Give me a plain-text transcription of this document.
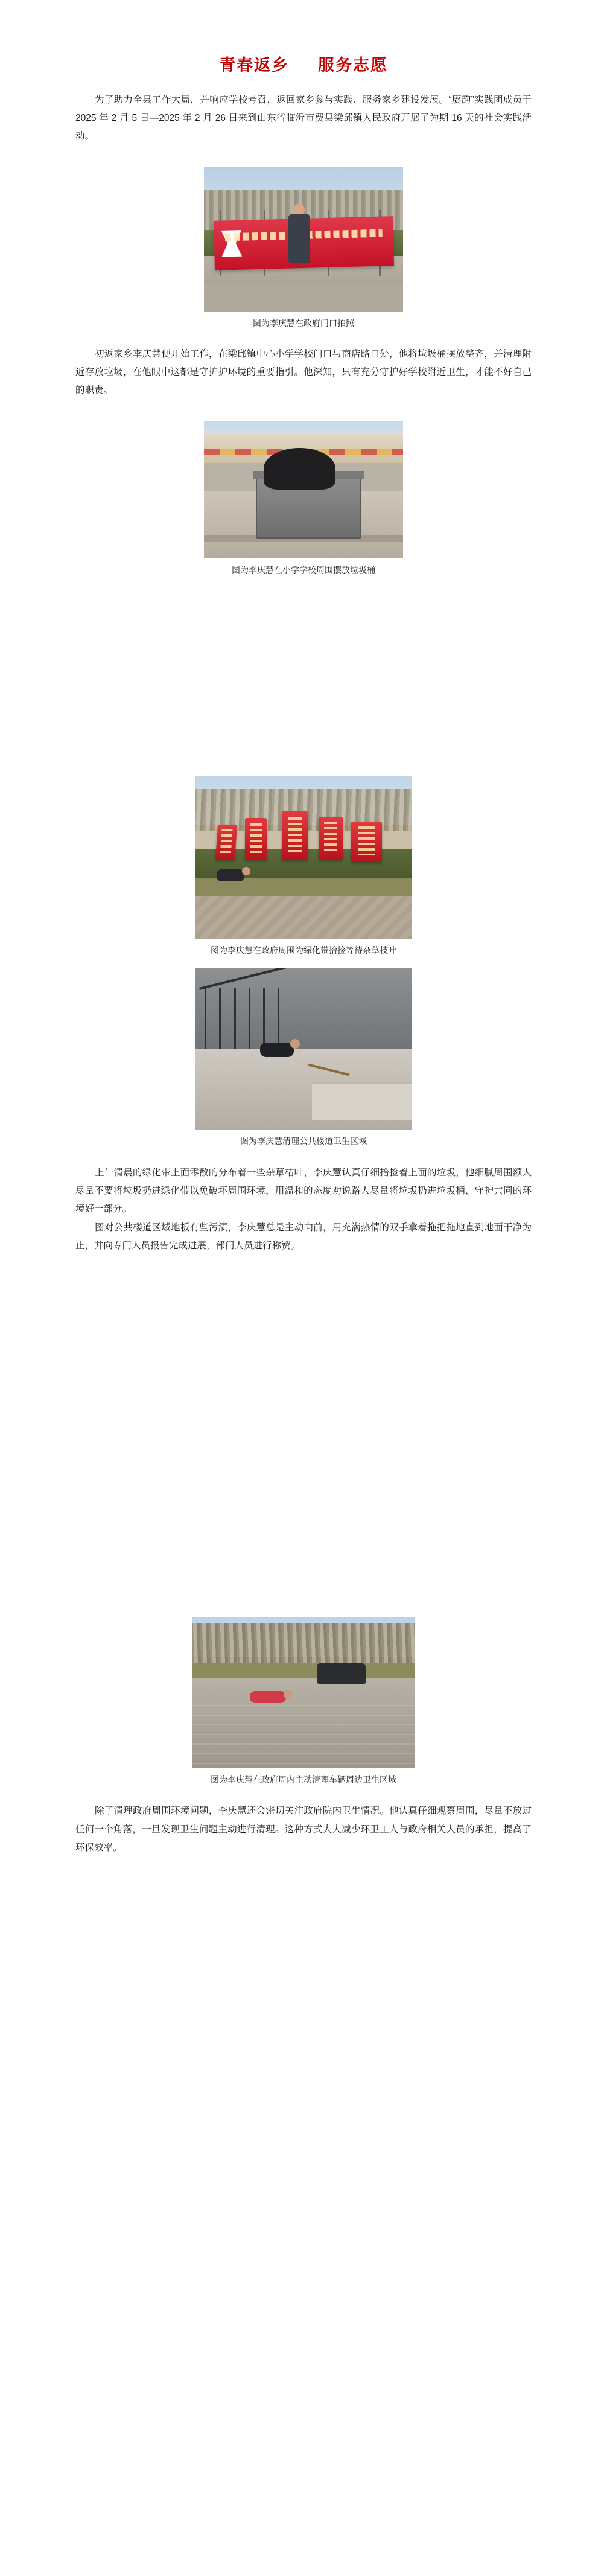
青春返乡 服务志愿
为了助力全县工作大局，并响应学校号召，返回家乡参与实践、服务家乡建设发展。“赓韵”实践团成员于 2025 年 2 月 5 日—2025 年 2 月 26 日来到山东省临沂市费县梁邱镇人民政府开展了为期 16 天的社会实践活动。
图为李庆慧在政府门口拍照
初返家乡李庆慧便开始工作，在梁邱镇中心小学学校门口与商店路口处，他将垃圾桶摆放整齐，并清理附近存放垃圾，在他眼中这都是守护护环境的重要指引。他深知，只有充分守护好学校附近卫生，才能不好自己的职责。
图为李庆慧在小学学校周围摆放垃圾桶
图为李庆慧在政府周围为绿化带拾捡等待杂草枝叶
图为李庆慧清理公共楼道卫生区域
上午清晨的绿化带上面零散的分布着一些杂草枯叶，李庆慧认真仔细拾捡着上面的垃圾，他细腻周围额人尽量不要将垃圾扔进绿化带以免破坏周围环境，用温和的态度劝说路人尽量将垃圾扔进垃圾桶，守护共同的环境好一部分。
图对公共楼道区域地板有些污渍，李庆慧总是主动向前，用充满热情的双手拿着拖把拖地直到地面干净为止，并向专门人员报告完成进展，部门人员进行称赞。
图为李庆慧在政府周内主动清理车辆周边卫生区域
除了清理政府周围环境问题，李庆慧还会密切关注政府院内卫生情况。他认真仔细观察周围，尽量不放过任何一个角落，一旦发现卫生问题主动进行清理。这种方式大大减少环卫工人与政府相关人员的承担，提高了环保效率。
